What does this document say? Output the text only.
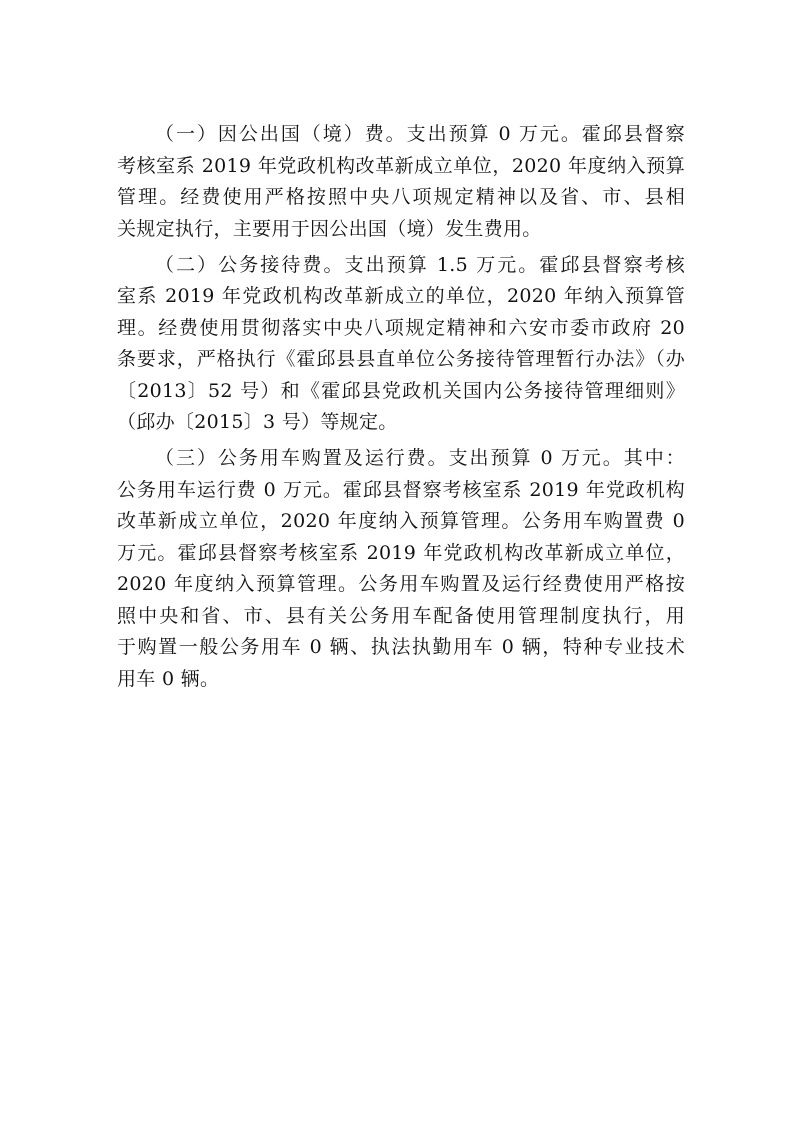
（一）因公出国（境）费。支出预算 0 万元。霍邱县督察
考核室系 2019 年党政机构改革新成立单位，2020 年度纳入预算
管理。经费使用严格按照中央八项规定精神以及省、市、县相
关规定执行，主要用于因公出国（境）发生费用。
（二）公务接待费。支出预算 1.5 万元。霍邱县督察考核
室系 2019 年党政机构改革新成立的单位，2020 年纳入预算管
理。经费使用贯彻落实中央八项规定精神和六安市委市政府 20
条要求，严格执行《霍邱县县直单位公务接待管理暂行办法》（办
〔2013〕52 号）和《霍邱县党政机关国内公务接待管理细则》
（邱办〔2015〕3 号）等规定。
（三）公务用车购置及运行费。支出预算 0 万元。其中：
公务用车运行费 0 万元。霍邱县督察考核室系 2019 年党政机构
改革新成立单位，2020 年度纳入预算管理。公务用车购置费 0
万元。霍邱县督察考核室系 2019 年党政机构改革新成立单位，
2020 年度纳入预算管理。公务用车购置及运行经费使用严格按
照中央和省、市、县有关公务用车配备使用管理制度执行，用
于购置一般公务用车 0 辆、执法执勤用车 0 辆，特种专业技术
用车 0 辆。
